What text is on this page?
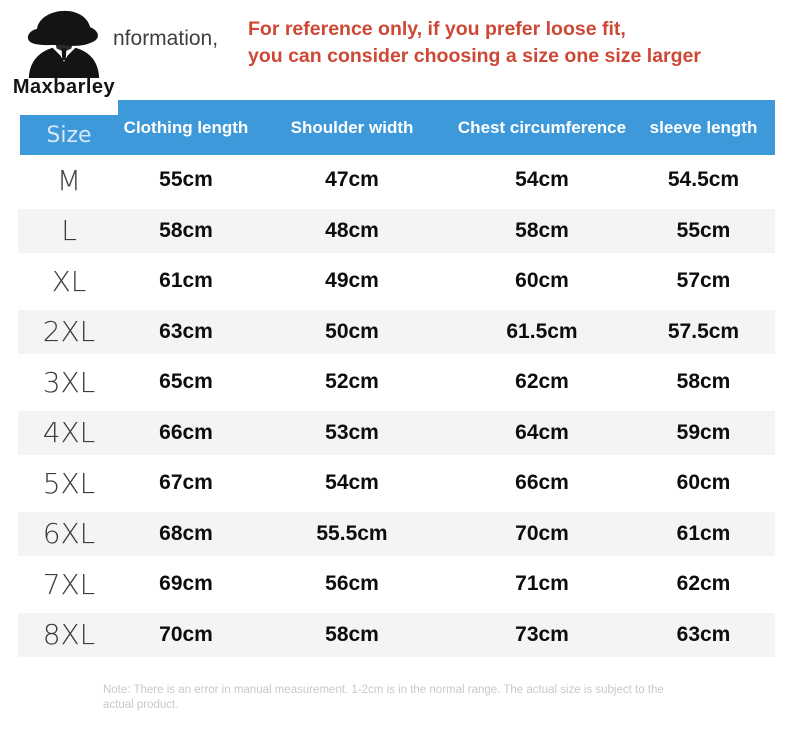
Maxbarley
nformation, For reference only, if you prefer loose fit,
you can consider choosing a size one size larger
Size	Clothing length	Shoulder width	Chest circumference	sleeve length
M	55cm	47cm	54cm	54.5cm
L	58cm	48cm	58cm	55cm
XL	61cm	49cm	60cm	57cm
2XL	63cm	50cm	61.5cm	57.5cm
3XL	65cm	52cm	62cm	58cm
4XL	66cm	53cm	64cm	59cm
5XL	67cm	54cm	66cm	60cm
6XL	68cm	55.5cm	70cm	61cm
7XL	69cm	56cm	71cm	62cm
8XL	70cm	58cm	73cm	63cm
Note: There is an error in manual measurement. 1-2cm is in the normal range. The actual size is subject to the actual product.
